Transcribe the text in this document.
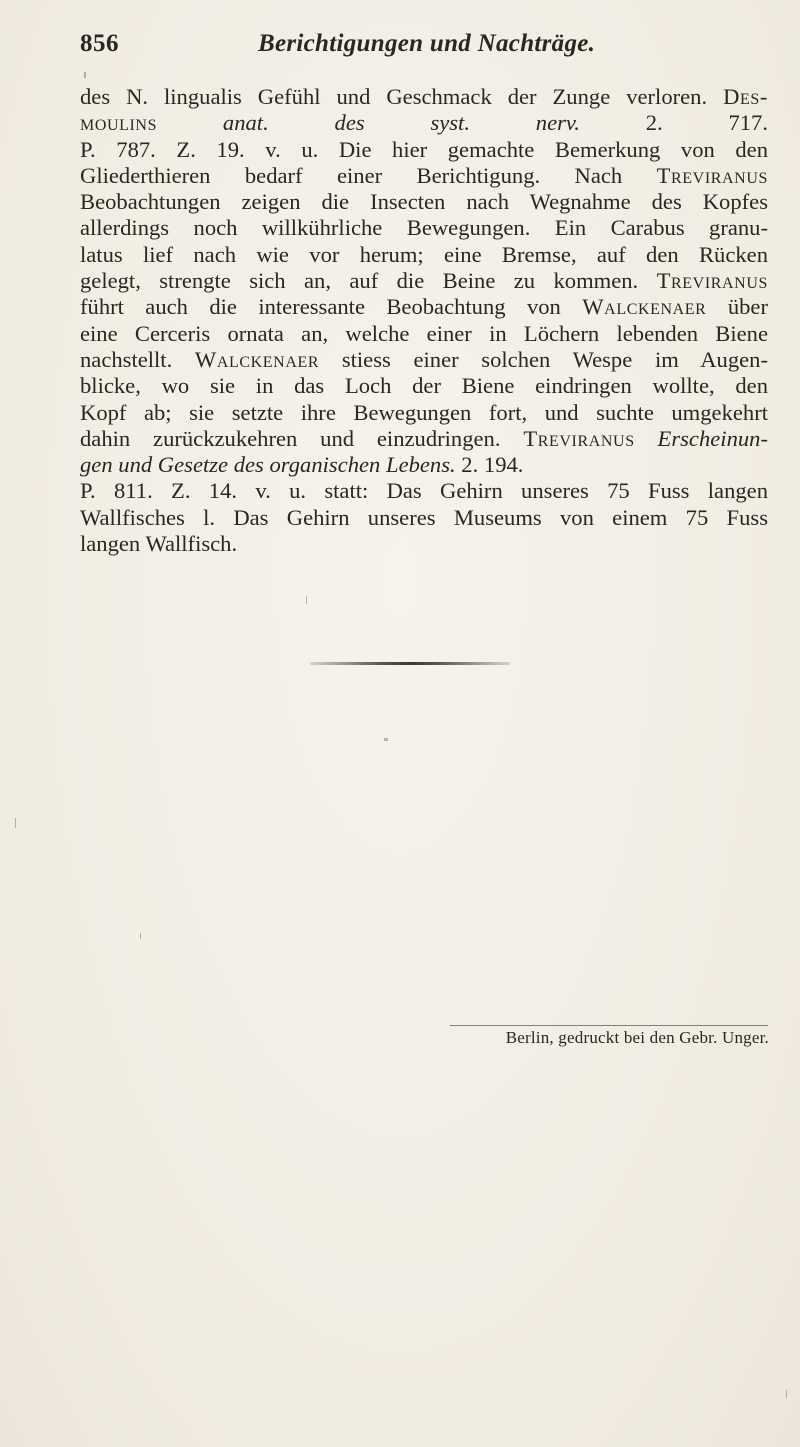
856	Berichtigungen und Nachträge.
des N. lingualis Gefühl und Geschmack der Zunge verloren. Des-
moulins anat. des syst. nerv. 2. 717.
P. 787. Z. 19. v. u. Die hier gemachte Bemerkung von den
Gliederthieren bedarf einer Berichtigung. Nach Treviranus
Beobachtungen zeigen die Insecten nach Wegnahme des Kopfes
allerdings noch willkührliche Bewegungen. Ein Carabus granu-
latus lief nach wie vor herum; eine Bremse, auf den Rücken
gelegt, strengte sich an, auf die Beine zu kommen. Treviranus
führt auch die interessante Beobachtung von Walckenaer über
eine Cerceris ornata an, welche einer in Löchern lebenden Biene
nachstellt. Walckenaer stiess einer solchen Wespe im Augen-
blicke, wo sie in das Loch der Biene eindringen wollte, den
Kopf ab; sie setzte ihre Bewegungen fort, und suchte umgekehrt
dahin zurückzukehren und einzudringen. Treviranus Erscheinun-
gen und Gesetze des organischen Lebens. 2. 194.
P. 811. Z. 14. v. u. statt: Das Gehirn unseres 75 Fuss langen
Wallfisches l. Das Gehirn unseres Museums von einem 75 Fuss
langen Wallfisch.
Berlin, gedruckt bei den Gebr. Unger.
